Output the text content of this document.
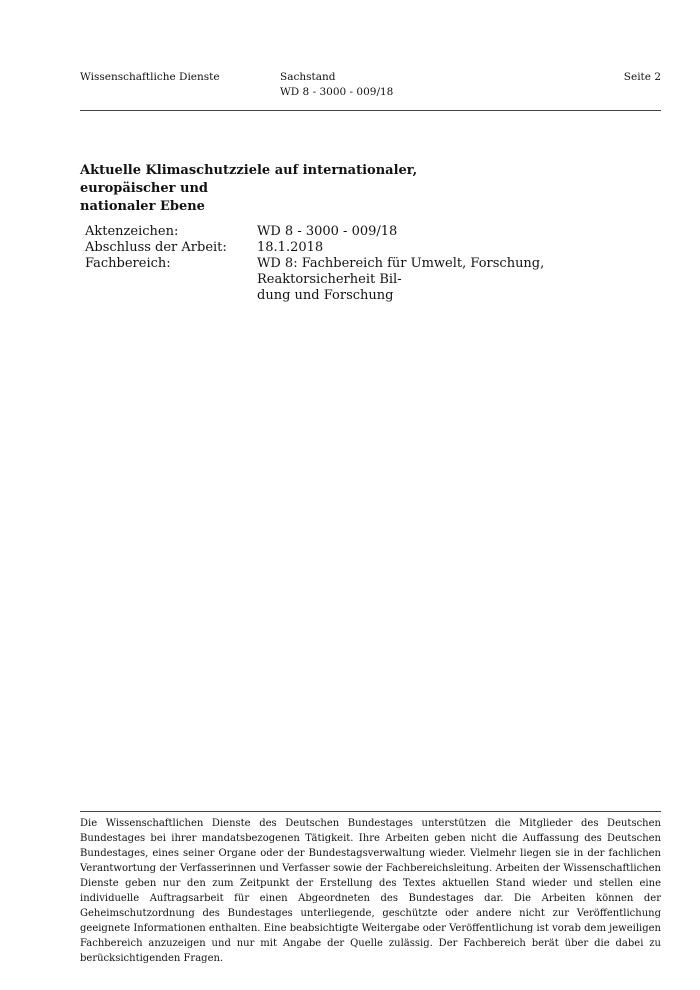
Wissenschaftliche Dienste	Sachstand
WD 8 - 3000 - 009/18
Seite 2
Aktuelle Klimaschutzziele auf internationaler, europäischer und
nationaler Ebene
Aktenzeichen:	WD 8 - 3000 - 009/18
Abschluss der Arbeit: 18.1.2018
Fachbereich:	WD 8: Fachbereich für Umwelt, Forschung, Reaktorsicherheit Bil-
dung und Forschung
Die Wissenschaftlichen Dienste des Deutschen Bundestages unterstützen die Mitglieder des Deutschen Bundestages bei ihrer mandatsbezogenen Tätigkeit. Ihre Arbeiten geben nicht die Auffassung des Deutschen Bundestages, eines seiner Organe oder der Bundestagsverwaltung wieder. Vielmehr liegen sie in der fachlichen Verantwortung der Verfasserinnen und Verfasser sowie der Fachbereichsleitung. Arbeiten der Wissenschaftlichen Dienste geben nur den zum Zeitpunkt der Erstellung des Textes aktuellen Stand wieder und stellen eine individuelle Auftragsarbeit für einen Abgeordneten des Bundestages dar. Die Arbeiten können der Geheimschutzordnung des Bundestages unterliegende, geschützte oder andere nicht zur Veröffentlichung geeignete Informationen enthalten. Eine beabsichtigte Weitergabe oder Veröffentlichung ist vorab dem jeweiligen Fachbereich anzuzeigen und nur mit Angabe der Quelle zulässig. Der Fachbereich berät über die dabei zu berücksichtigenden Fragen.
